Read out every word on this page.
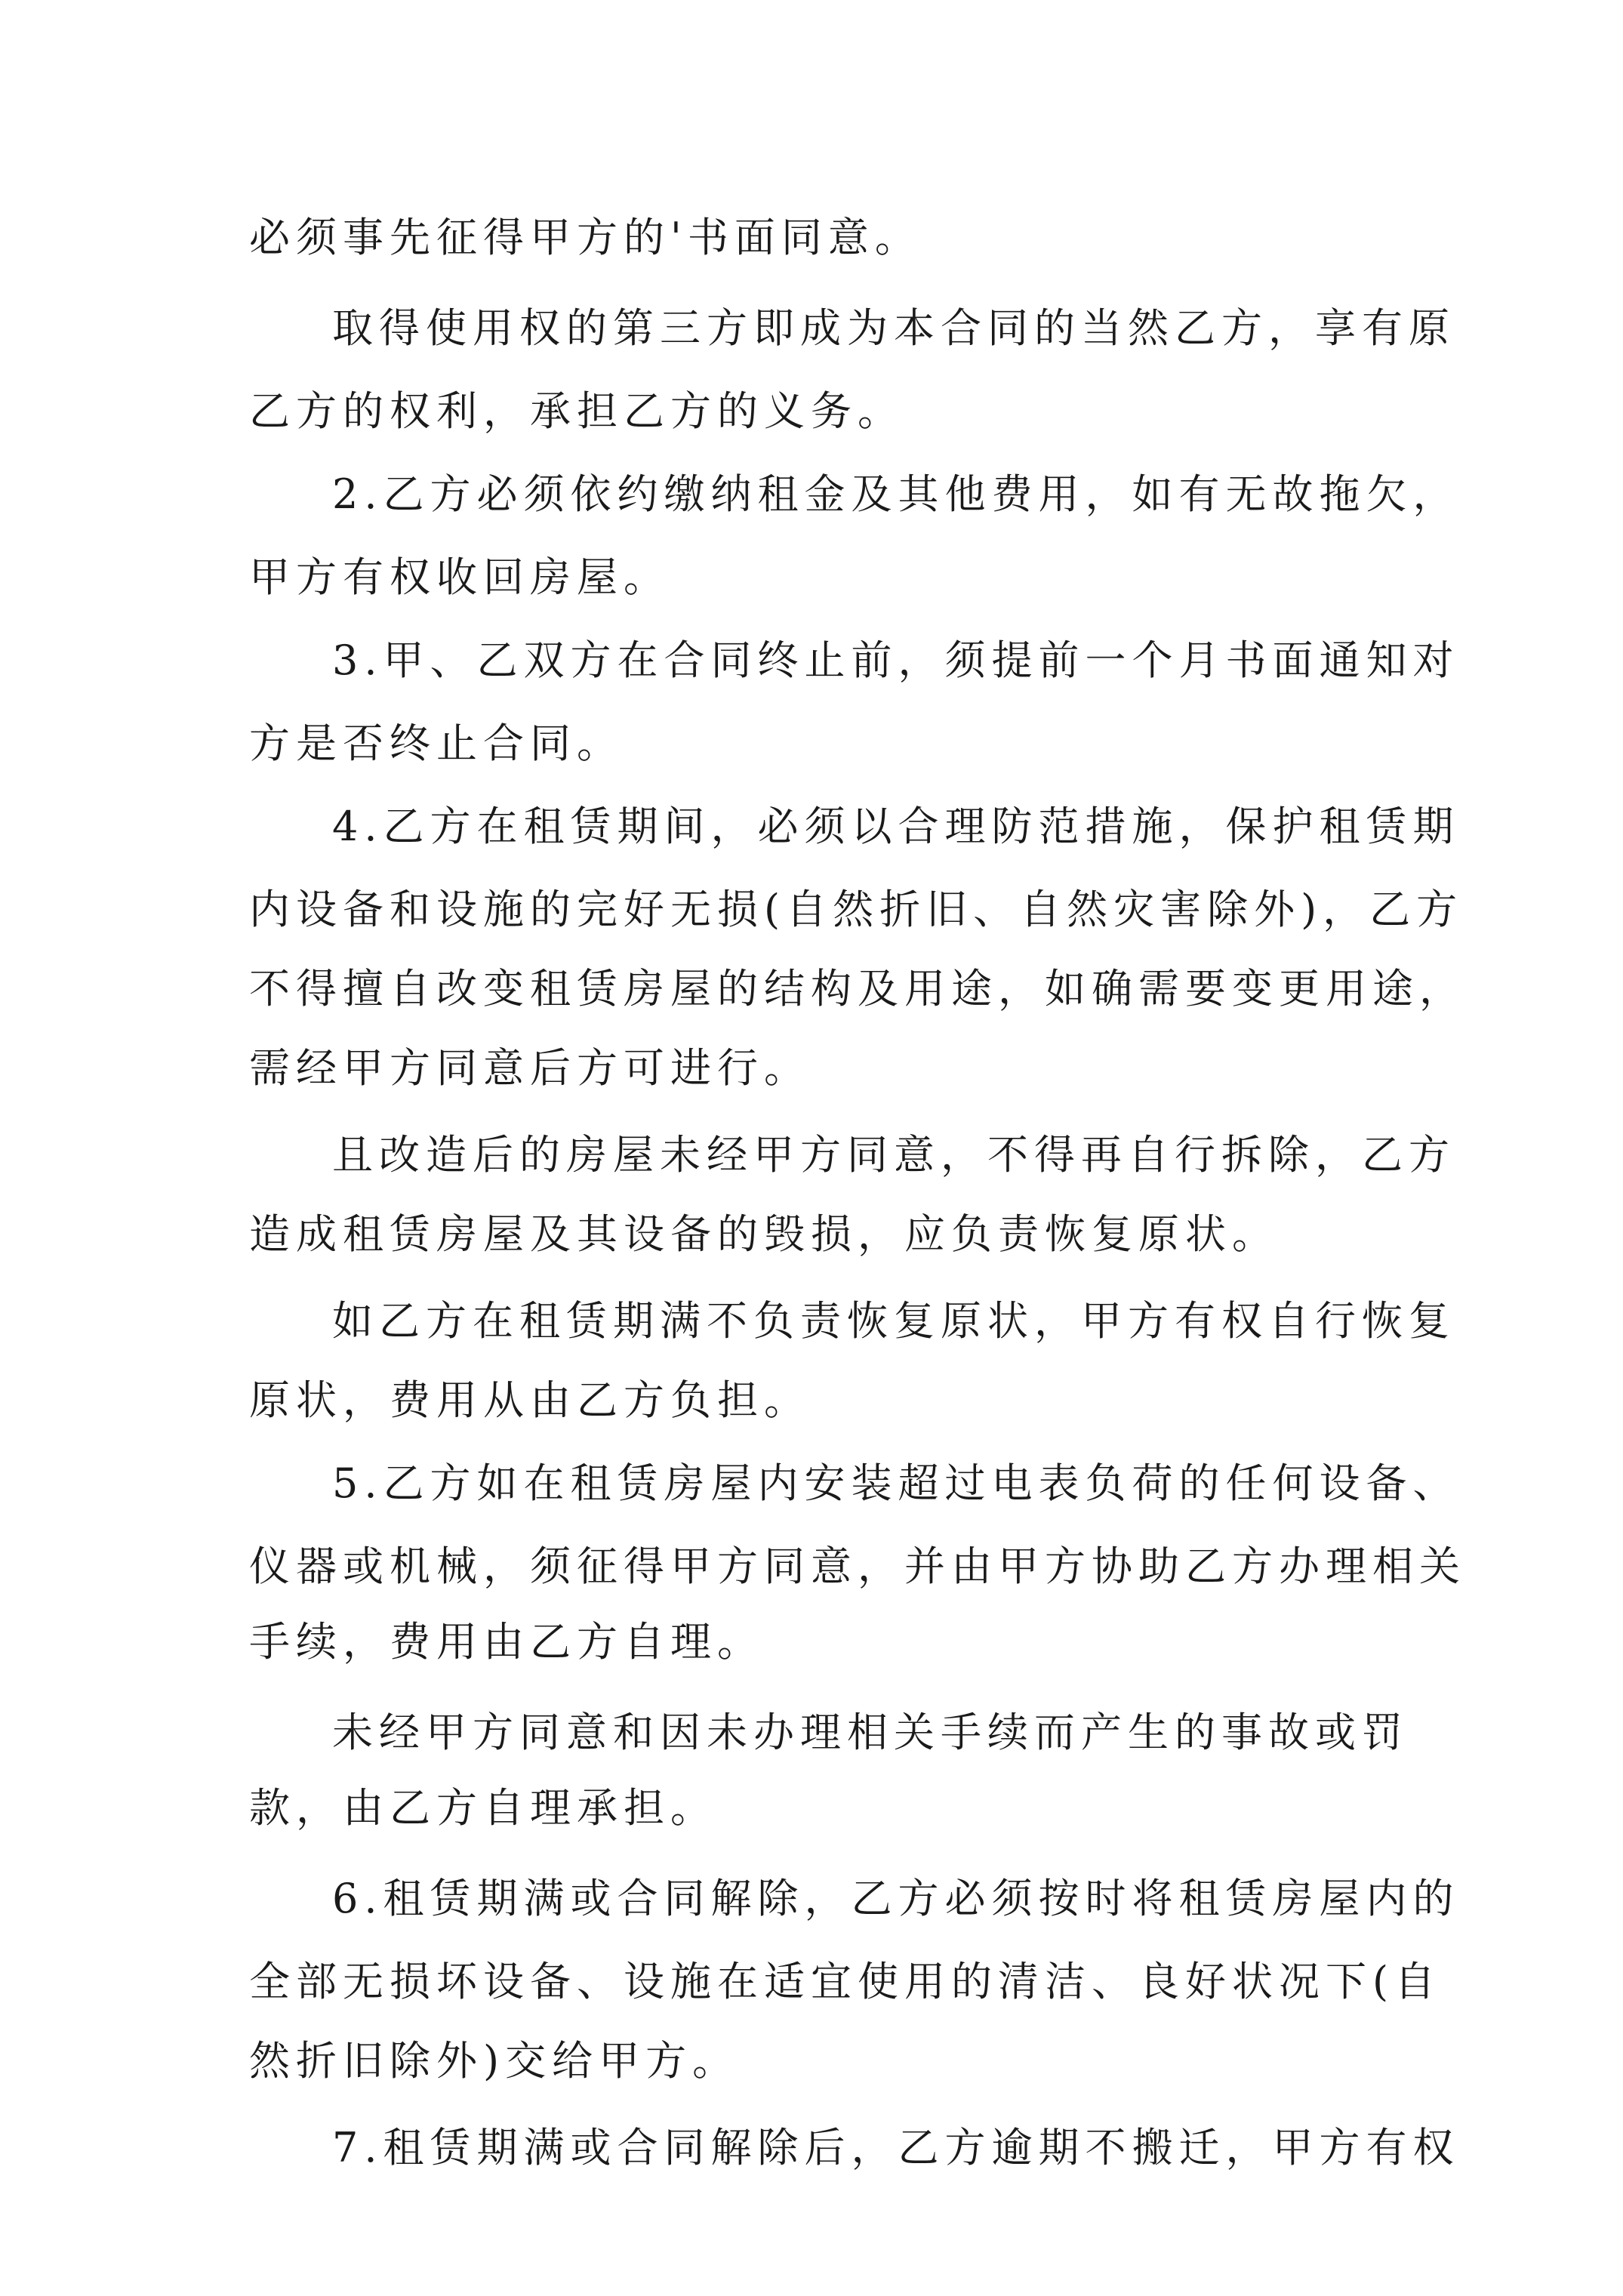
必须事先征得甲方的'书面同意。

取得使用权的第三方即成为本合同的当然乙方，享有原

乙方的权利，承担乙方的义务。

2.乙方必须依约缴纳租金及其他费用，如有无故拖欠，

甲方有权收回房屋。

3.甲、乙双方在合同终止前，须提前一个月书面通知对

方是否终止合同。

4.乙方在租赁期间，必须以合理防范措施，保护租赁期

内设备和设施的完好无损(自然折旧、自然灾害除外)，乙方

不得擅自改变租赁房屋的结构及用途，如确需要变更用途，

需经甲方同意后方可进行。

且改造后的房屋未经甲方同意，不得再自行拆除，乙方

造成租赁房屋及其设备的毁损，应负责恢复原状。

如乙方在租赁期满不负责恢复原状，甲方有权自行恢复

原状，费用从由乙方负担。

5.乙方如在租赁房屋内安装超过电表负荷的任何设备、

仪器或机械，须征得甲方同意，并由甲方协助乙方办理相关

手续，费用由乙方自理。

未经甲方同意和因未办理相关手续而产生的事故或罚

款，由乙方自理承担。

6.租赁期满或合同解除，乙方必须按时将租赁房屋内的

全部无损坏设备、设施在适宜使用的清洁、良好状况下(自

然折旧除外)交给甲方。

7.租赁期满或合同解除后，乙方逾期不搬迁，甲方有权
